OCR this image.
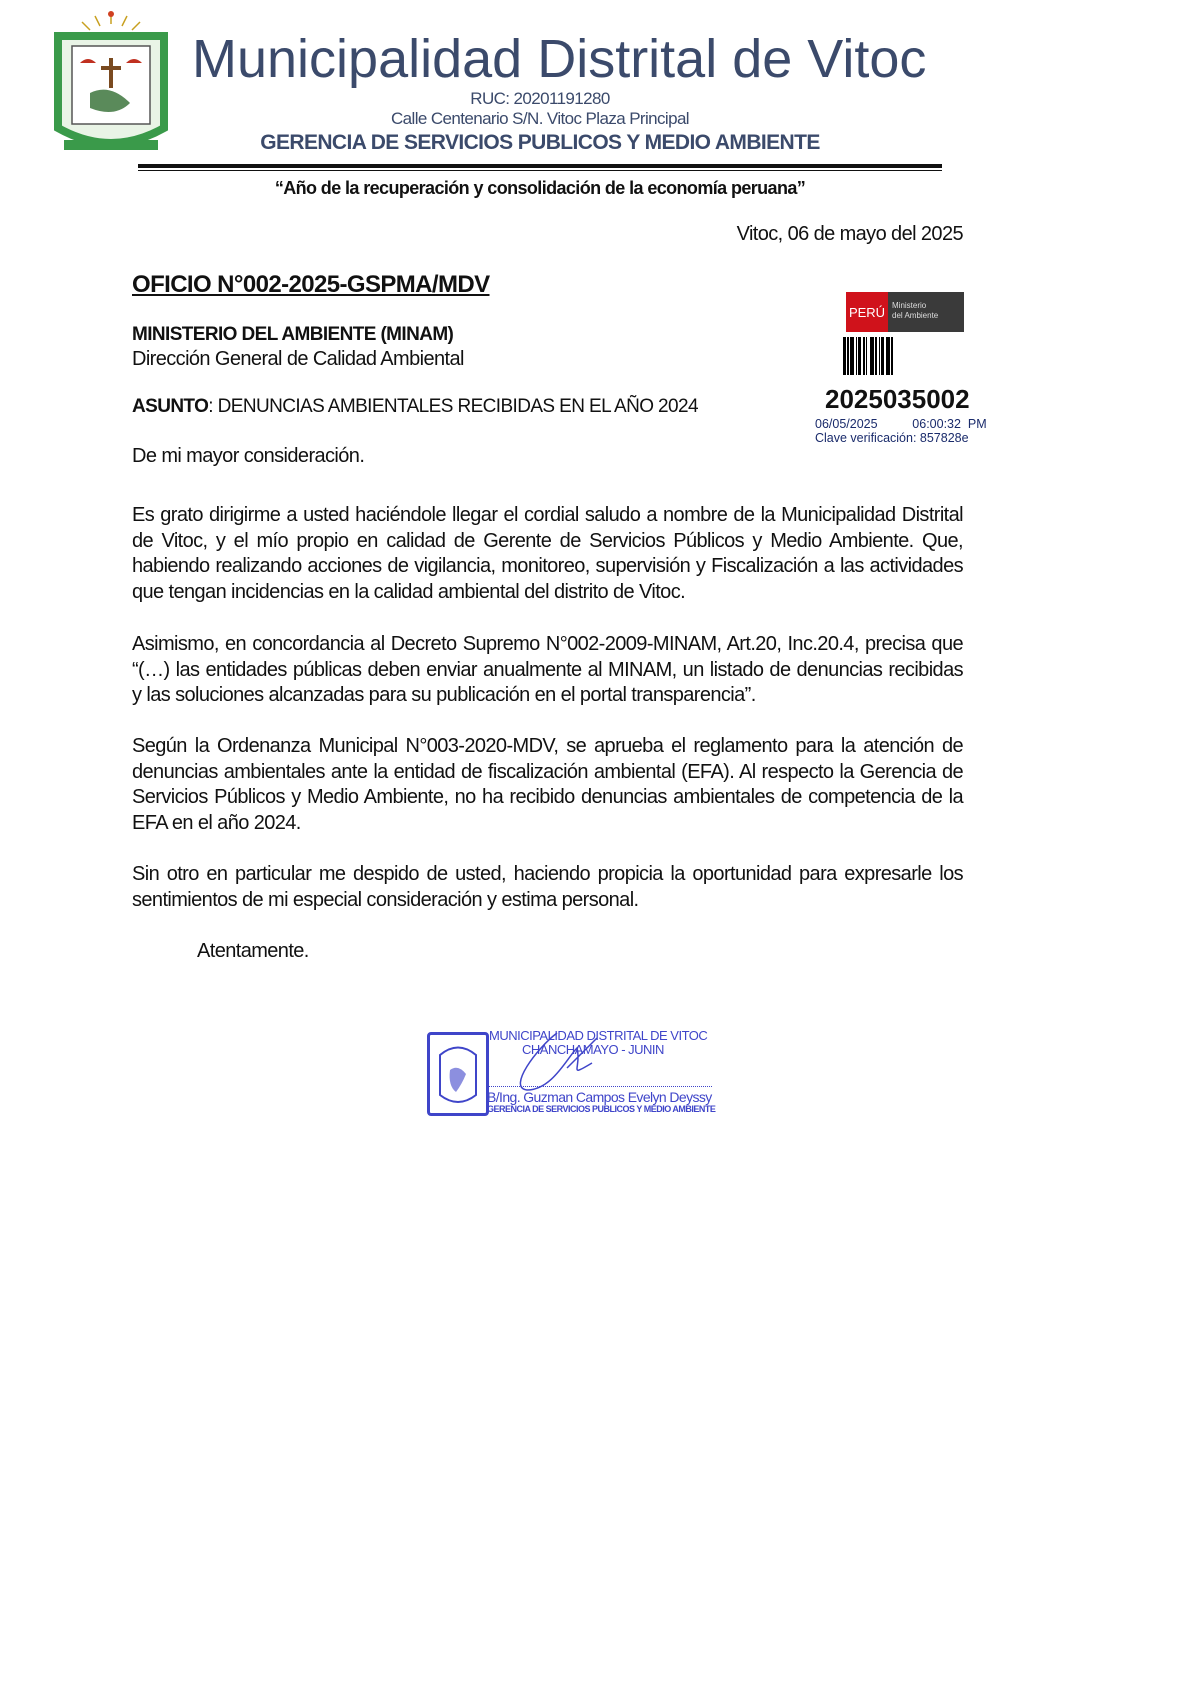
Municipalidad Distrital de Vitoc
RUC: 20201191280
Calle Centenario S/N. Vitoc Plaza Principal
GERENCIA DE SERVICIOS PUBLICOS Y MEDIO AMBIENTE
“Año de la recuperación y consolidación de la economía peruana”
Vitoc, 06 de mayo del 2025
OFICIO N°002-2025-GSPMA/MDV
MINISTERIO DEL AMBIENTE (MINAM)
Dirección General de Calidad Ambiental
ASUNTO: DENUNCIAS AMBIENTALES RECIBIDAS EN EL AÑO 2024
De mi mayor consideración.
Es grato dirigirme a usted haciéndole llegar el cordial saludo a nombre de la Municipalidad Distrital de Vitoc, y el mío propio en calidad de Gerente de Servicios Públicos y Medio Ambiente. Que, habiendo realizando acciones de vigilancia, monitoreo, supervisión y Fiscalización a las actividades que tengan incidencias en la calidad ambiental del distrito de Vitoc.
Asimismo, en concordancia al Decreto Supremo N°002-2009-MINAM, Art.20, Inc.20.4, precisa que “(…) las entidades públicas deben enviar anualmente al MINAM, un listado de denuncias recibidas y las soluciones alcanzadas para su publicación en el portal transparencia”.
Según la Ordenanza Municipal N°003-2020-MDV, se aprueba el reglamento para la atención de denuncias ambientales ante la entidad de fiscalización ambiental (EFA). Al respecto la Gerencia de Servicios Públicos y Medio Ambiente, no ha recibido denuncias ambientales de competencia de la EFA en el año 2024.
Sin otro en particular me despido de usted, haciendo propicia la oportunidad para expresarle los sentimientos de mi especial consideración y estima personal.
Atentamente.
PERÚ Ministerio
del Ambiente
2025035002
06/05/2025	06:00:32  PM
Clave verificación: 857828e
MUNICIPALIDAD DISTRITAL DE VITOC
CHANCHAMAYO - JUNIN
B/Ing. Guzman Campos Evelyn Deyssy
GERENCIA DE SERVICIOS PUBLICOS Y MEDIO AMBIENTE
